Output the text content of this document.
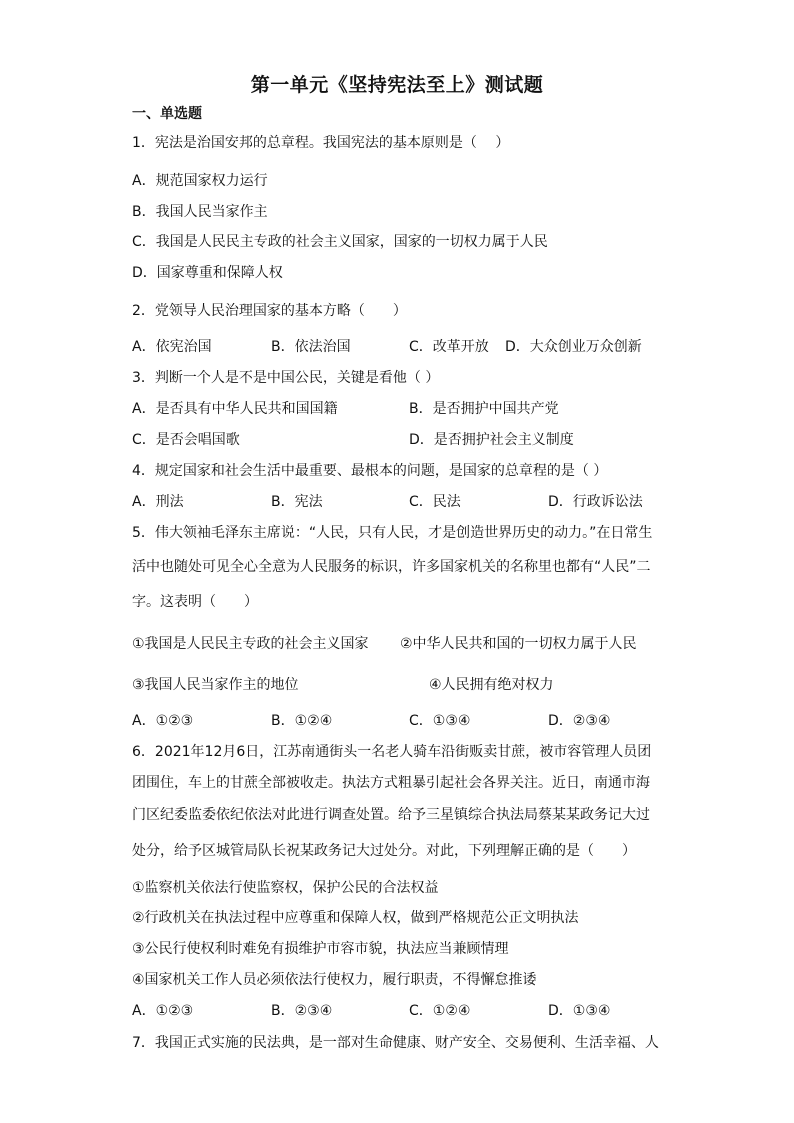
第一单元《坚持宪法至上》测试题
一、单选题
1．宪法是治国安邦的总章程。我国宪法的基本原则是（　 ）
A．规范国家权力运行
B．我国人民当家作主
C．我国是人民民主专政的社会主义国家，国家的一切权力属于人民
D．国家尊重和保障人权
2．党领导人民治理国家的基本方略（　　）
A．依宪治国	B．依法治国	C．改革开放 D．大众创业万众创新
3．判断一个人是不是中国公民，关键是看他（ ）
A．是否具有中华人民共和国国籍	B．是否拥护中国共产党
C．是否会唱国歌	D．是否拥护社会主义制度
4．规定国家和社会生活中最重要、最根本的问题，是国家的总章程的是（ ）
A．刑法	B．宪法	C．民法	D．行政诉讼法
5．伟大领袖毛泽东主席说：“人民，只有人民，才是创造世界历史的动力。”在日常生
活中也随处可见全心全意为人民服务的标识，许多国家机关的名称里也都有“人民”二
字。这表明（　　）
①我国是人民民主专政的社会主义国家 ②中华人民共和国的一切权力属于人民
③我国人民当家作主的地位	④人民拥有绝对权力
A．①②③	B．①②④	C．①③④	D．②③④
6．2021年12月6日，江苏南通街头一名老人骑车沿街贩卖甘蔗，被市容管理人员团
团围住，车上的甘蔗全部被收走。执法方式粗暴引起社会各界关注。近日，南通市海
门区纪委监委依纪依法对此进行调查处置。给予三星镇综合执法局蔡某某政务记大过
处分，给予区城管局队长祝某政务记大过处分。对此，下列理解正确的是（　　）
①监察机关依法行使监察权，保护公民的合法权益
②行政机关在执法过程中应尊重和保障人权，做到严格规范公正文明执法
③公民行使权利时难免有损维护市容市貌，执法应当兼顾情理
④国家机关工作人员必须依法行使权力，履行职责，不得懈怠推诿
A．①②③	B．②③④	C．①②④	D．①③④
7．我国正式实施的民法典，是一部对生命健康、财产安全、交易便利、生活幸福、人
